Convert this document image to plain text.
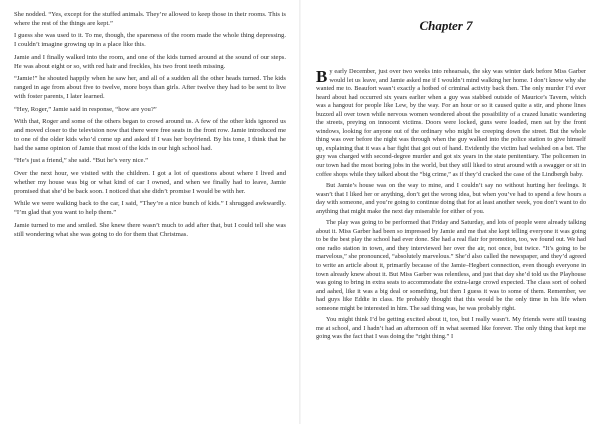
She nodded. “Yes, except for the stuffed animals. They’re allowed to keep those in their rooms. This is where the rest of the things are kept.”

I guess she was used to it. To me, though, the spareness of the room made the whole thing depressing. I couldn’t imagine growing up in a place like this.

Jamie and I finally walked into the room, and one of the kids turned around at the sound of our steps. He was about eight or so, with red hair and freckles, his two front teeth missing.

“Jamie!” he shouted happily when he saw her, and all of a sudden all the other heads turned. The kids ranged in age from about five to twelve, more boys than girls. After twelve they had to be sent to live with foster parents, I later learned.

“Hey, Roger,” Jamie said in response, “how are you?”

With that, Roger and some of the others began to crowd around us. A few of the other kids ignored us and moved closer to the television now that there were free seats in the front row. Jamie introduced me to one of the older kids who’d come up and asked if I was her boyfriend. By his tone, I think that he had the same opinion of Jamie that most of the kids in our high school had.

“He’s just a friend,” she said. “But he’s very nice.”

Over the next hour, we visited with the children. I got a lot of questions about where I lived and whether my house was big or what kind of car I owned, and when we finally had to leave, Jamie promised that she’d be back soon. I noticed that she didn’t promise I would be with her.

While we were walking back to the car, I said, “They’re a nice bunch of kids.” I shrugged awkwardly. “I’m glad that you want to help them.”

Jamie turned to me and smiled. She knew there wasn’t much to add after that, but I could tell she was still wondering what she was going to do for them that Christmas.

Chapter 7

By early December, just over two weeks into rehearsals, the sky was winter dark before Miss Garber would let us leave, and Jamie asked me if I wouldn’t mind walking her home. I don’t know why she wanted me to. Beaufort wasn’t exactly a hotbed of criminal activity back then. The only murder I’d ever heard about had occurred six years earlier when a guy was stabbed outside of Maurice’s Tavern, which was a hangout for people like Lew, by the way. For an hour or so it caused quite a stir, and phone lines buzzed all over town while nervous women wondered about the possibility of a crazed lunatic wandering the streets, preying on innocent victims. Doors were locked, guns were loaded, men sat by the front windows, looking for anyone out of the ordinary who might be creeping down the street. But the whole thing was over before the night was through when the guy walked into the police station to give himself up, explaining that it was a bar fight that got out of hand. Evidently the victim had welshed on a bet. The guy was charged with second-degree murder and got six years in the state penitentiary. The policemen in our town had the most boring jobs in the world, but they still liked to strut around with a swagger or sit in coffee shops while they talked about the “big crime,” as if they’d cracked the case of the Lindbergh baby.

But Jamie’s house was on the way to mine, and I couldn’t say no without hurting her feelings. It wasn’t that I liked her or anything, don’t get the wrong idea, but when you’ve had to spend a few hours a day with someone, and you’re going to continue doing that for at least another week, you don’t want to do anything that might make the next day miserable for either of you.

The play was going to be performed that Friday and Saturday, and lots of people were already talking about it. Miss Garber had been so impressed by Jamie and me that she kept telling everyone it was going to be the best play the school had ever done. She had a real flair for promotion, too, we found out. We had one radio station in town, and they interviewed her over the air, not once, but twice. “It’s going to be marvelous,” she pronounced, “absolutely marvelous.” She’d also called the newspaper, and they’d agreed to write an article about it, primarily because of the Jamie–Hegbert connection, even though everyone in town already knew about it. But Miss Garber was relentless, and just that day she’d told us the Playhouse was going to bring in extra seats to accommodate the extra-large crowd expected. The class sort of oohed and aahed, like it was a big deal or something, but then I guess it was to some of them. Remember, we had guys like Eddie in class. He probably thought that this would be the only time in his life when someone might be interested in him. The sad thing was, he was probably right.

You might think I’d be getting excited about it, too, but I really wasn’t. My friends were still teasing me at school, and I hadn’t had an afternoon off in what seemed like forever. The only thing that kept me going was the fact that I was doing the “right thing.” I
